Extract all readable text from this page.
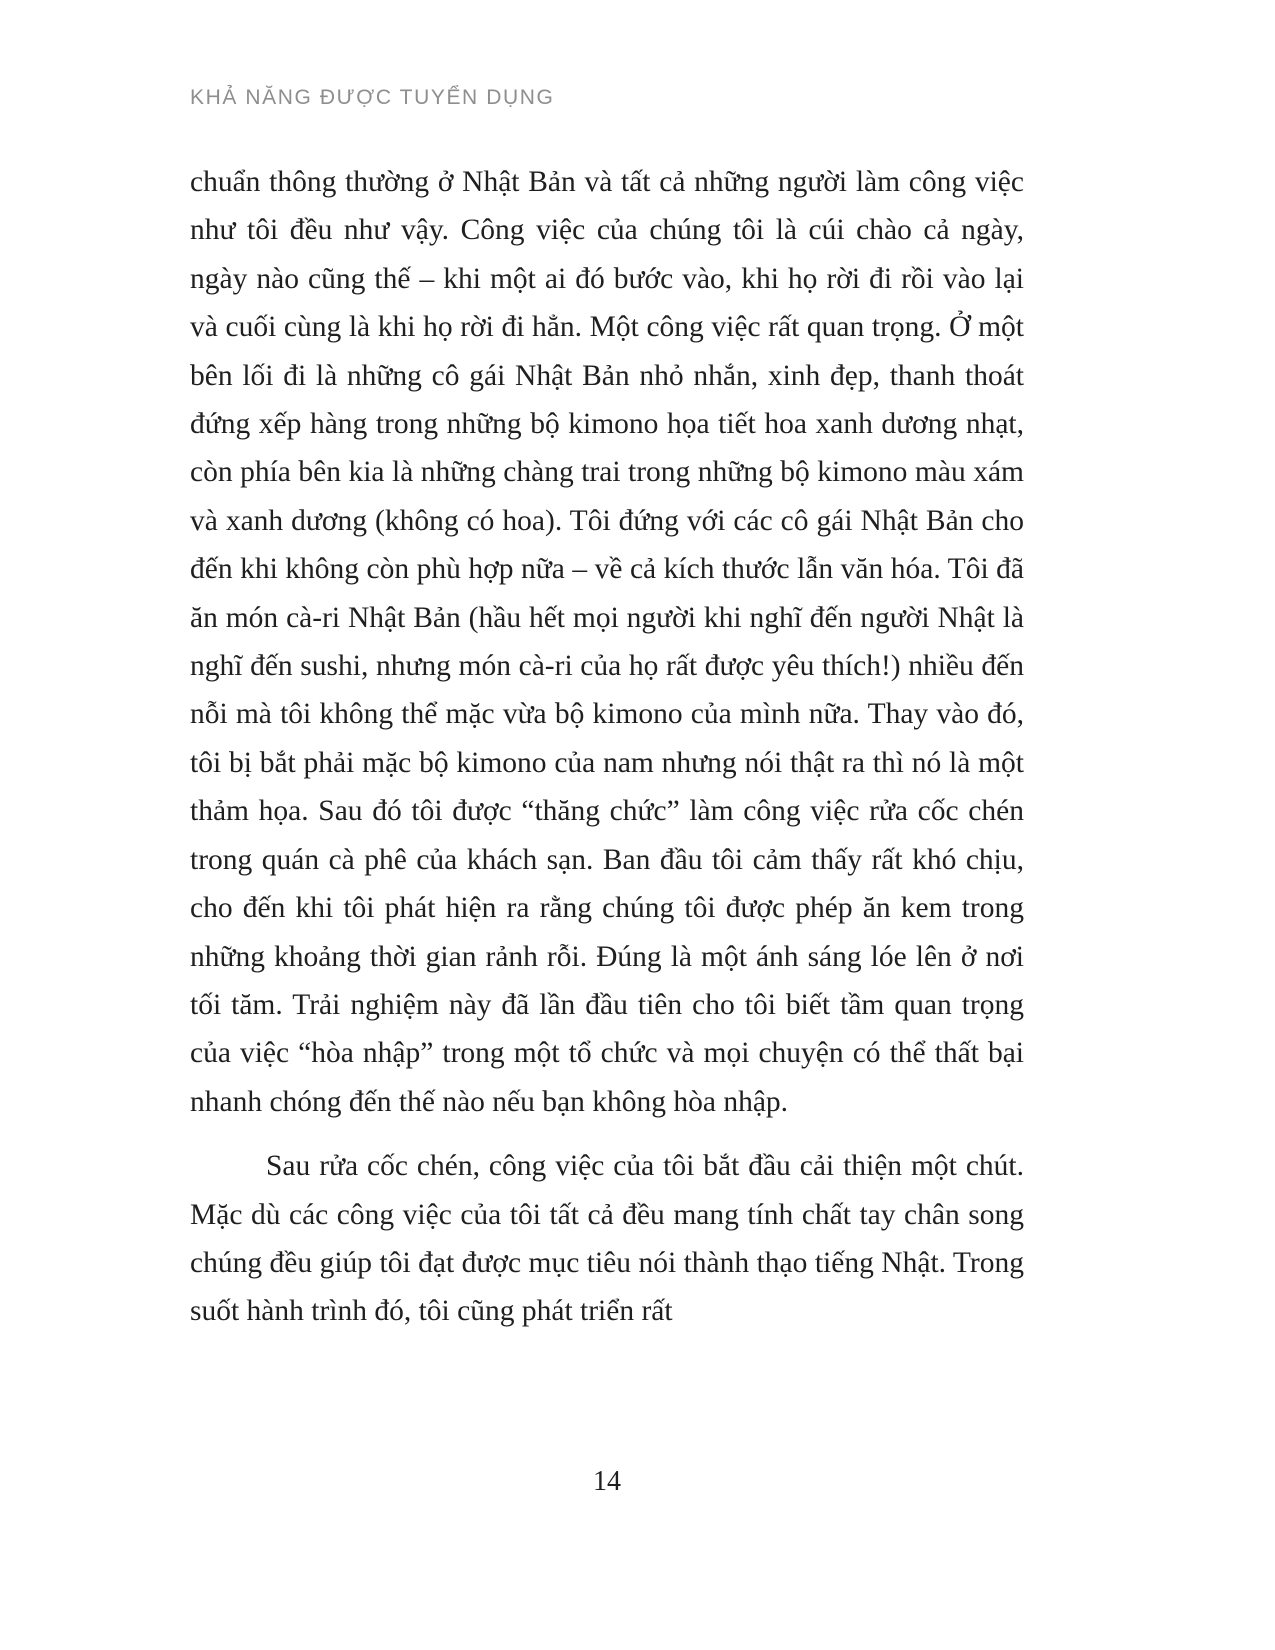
KHẢ NĂNG ĐƯỢC TUYỂN DỤNG

chuẩn thông thường ở Nhật Bản và tất cả những người làm công việc như tôi đều như vậy. Công việc của chúng tôi là cúi chào cả ngày, ngày nào cũng thế – khi một ai đó bước vào, khi họ rời đi rồi vào lại và cuối cùng là khi họ rời đi hẳn. Một công việc rất quan trọng. Ở một bên lối đi là những cô gái Nhật Bản nhỏ nhắn, xinh đẹp, thanh thoát đứng xếp hàng trong những bộ kimono họa tiết hoa xanh dương nhạt, còn phía bên kia là những chàng trai trong những bộ kimono màu xám và xanh dương (không có hoa). Tôi đứng với các cô gái Nhật Bản cho đến khi không còn phù hợp nữa – về cả kích thước lẫn văn hóa. Tôi đã ăn món cà-ri Nhật Bản (hầu hết mọi người khi nghĩ đến người Nhật là nghĩ đến sushi, nhưng món cà-ri của họ rất được yêu thích!) nhiều đến nỗi mà tôi không thể mặc vừa bộ kimono của mình nữa. Thay vào đó, tôi bị bắt phải mặc bộ kimono của nam nhưng nói thật ra thì nó là một thảm họa. Sau đó tôi được “thăng chức” làm công việc rửa cốc chén trong quán cà phê của khách sạn. Ban đầu tôi cảm thấy rất khó chịu, cho đến khi tôi phát hiện ra rằng chúng tôi được phép ăn kem trong những khoảng thời gian rảnh rỗi. Đúng là một ánh sáng lóe lên ở nơi tối tăm. Trải nghiệm này đã lần đầu tiên cho tôi biết tầm quan trọng của việc “hòa nhập” trong một tổ chức và mọi chuyện có thể thất bại nhanh chóng đến thế nào nếu bạn không hòa nhập.

Sau rửa cốc chén, công việc của tôi bắt đầu cải thiện một chút. Mặc dù các công việc của tôi tất cả đều mang tính chất tay chân song chúng đều giúp tôi đạt được mục tiêu nói thành thạo tiếng Nhật. Trong suốt hành trình đó, tôi cũng phát triển rất

14
